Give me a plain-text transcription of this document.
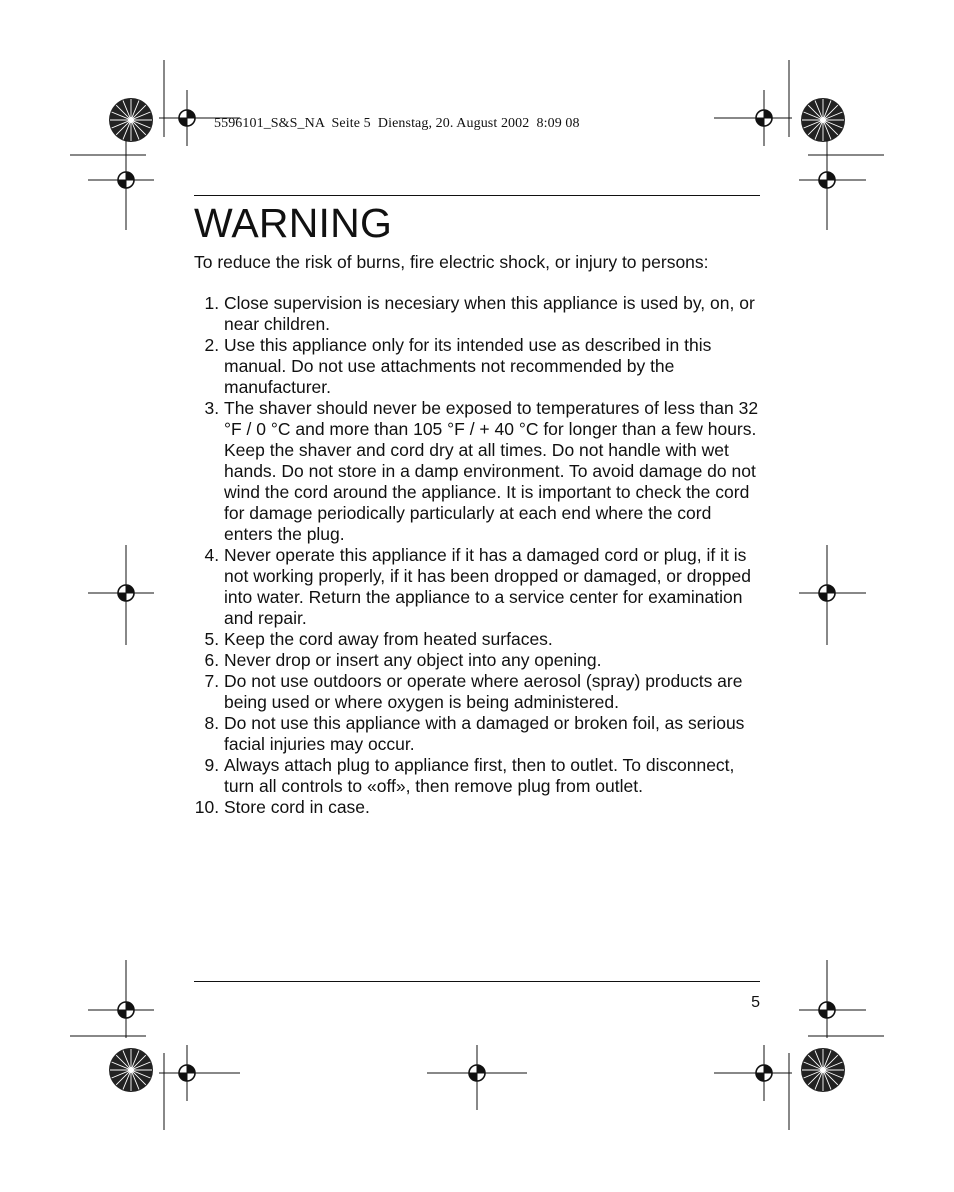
5596101_S&S_NA  Seite 5  Dienstag, 20. August 2002  8:09 08
WARNING

To reduce the risk of burns, fire electric shock, or injury to persons:

1. Close supervision is necesiary when this appliance is used by, on, or near children.
2. Use this appliance only for its intended use as described in this manual. Do not use attachments not recommended by the manufacturer.
3. The shaver should never be exposed to temperatures of less than 32 °F / 0 °C and more than 105 °F / + 40 °C for longer than a few hours. Keep the shaver and cord dry at all times. Do not handle with wet hands. Do not store in a damp environment. To avoid damage do not wind the cord around the appliance. It is important to check the cord for damage periodically particularly at each end where the cord enters the plug.
4. Never operate this appliance if it has a damaged cord or plug, if it is not working properly, if it has been dropped or damaged, or dropped into water. Return the appliance to a service center for examination and repair.
5. Keep the cord away from heated surfaces.
6. Never drop or insert any object into any opening.
7. Do not use outdoors or operate where aerosol (spray) products are being used or where oxygen is being administered.
8. Do not use this appliance with a damaged or broken foil, as serious facial injuries may occur.
9. Always attach plug to appliance first, then to outlet. To disconnect, turn all controls to «off», then remove plug from outlet.
10. Store cord in case.
5
